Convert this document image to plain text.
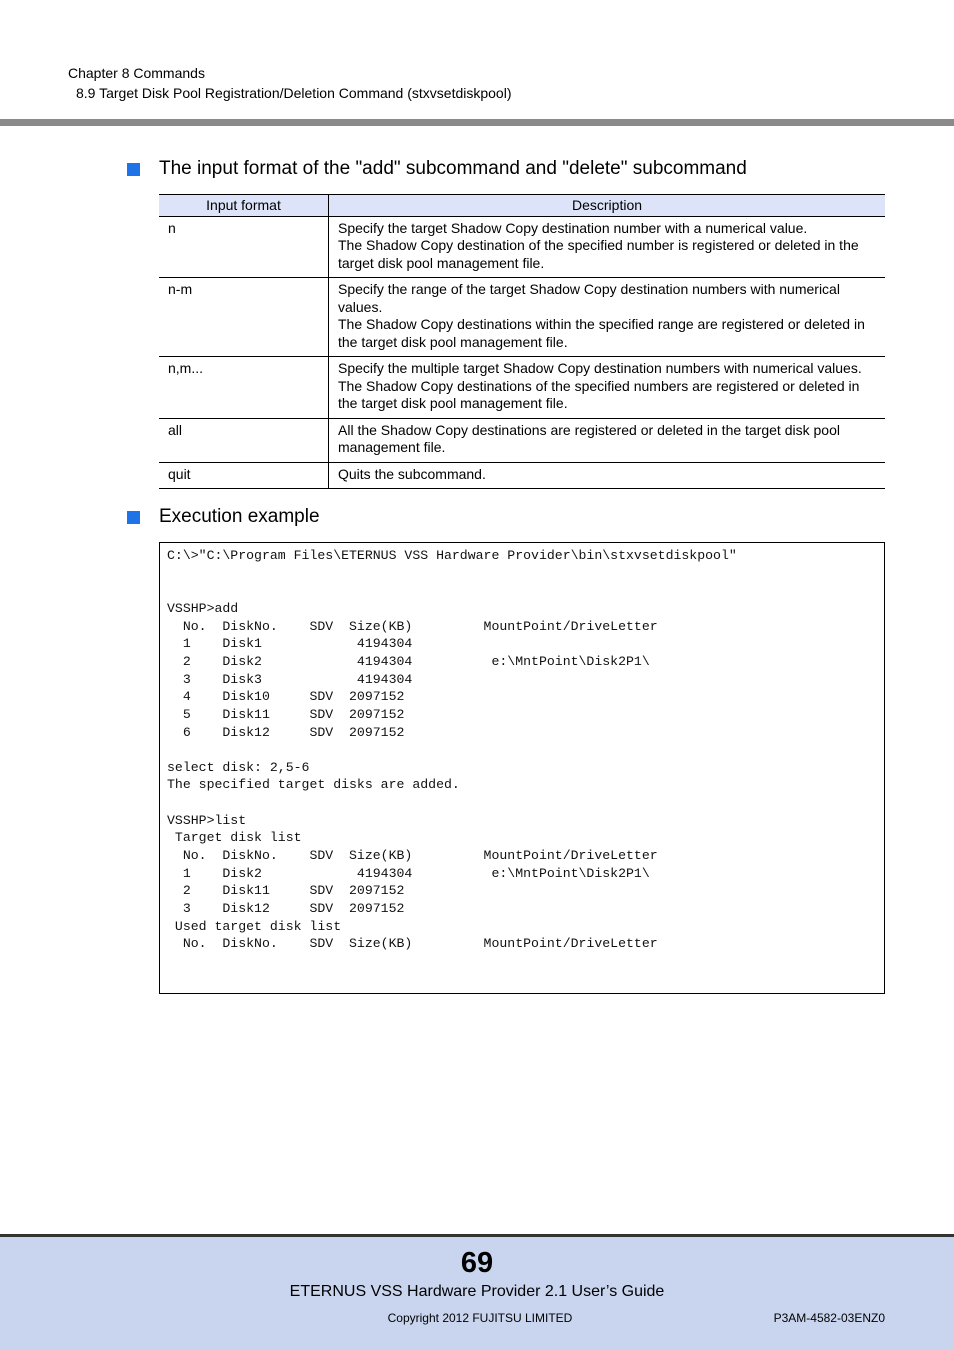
Chapter 8 Commands
8.9 Target Disk Pool Registration/Deletion Command (stxvsetdiskpool)
The input format of the "add" subcommand and "delete" subcommand
Input format	Description
n	Specify the target Shadow Copy destination number with a numerical value.
The Shadow Copy destination of the specified number is registered or deleted in the
target disk pool management file.

n-m	Specify the range of the target Shadow Copy destination numbers with numerical
values.
The Shadow Copy destinations within the specified range are registered or deleted in
the target disk pool management file.

n,m...	Specify the multiple target Shadow Copy destination numbers with numerical values.
The Shadow Copy destinations of the specified numbers are registered or deleted in
the target disk pool management file.

all	All the Shadow Copy destinations are registered or deleted in the target disk pool
management file.

quit	Quits the subcommand.
Execution example
C:\>"C:\Program Files\ETERNUS VSS Hardware Provider\bin\stxvsetdiskpool"
VSSHP>add
No.  DiskNo.    SDV  Size(KB)         MountPoint/DriveLetter
1    Disk1            4194304
2    Disk2            4194304          e:\MntPoint\Disk2P1\
3    Disk3            4194304
4    Disk10     SDV  2097152
5    Disk11     SDV  2097152
6    Disk12     SDV  2097152
select disk: 2,5-6
The specified target disks are added.
VSSHP>list
Target disk list
No.  DiskNo.    SDV  Size(KB)         MountPoint/DriveLetter
1    Disk2            4194304          e:\MntPoint\Disk2P1\
2    Disk11     SDV  2097152
3    Disk12     SDV  2097152
Used target disk list
No.  DiskNo.    SDV  Size(KB)         MountPoint/DriveLetter
69
ETERNUS VSS Hardware Provider 2.1 User’s Guide
Copyright 2012 FUJITSU LIMITED	P3AM-4582-03ENZ0
